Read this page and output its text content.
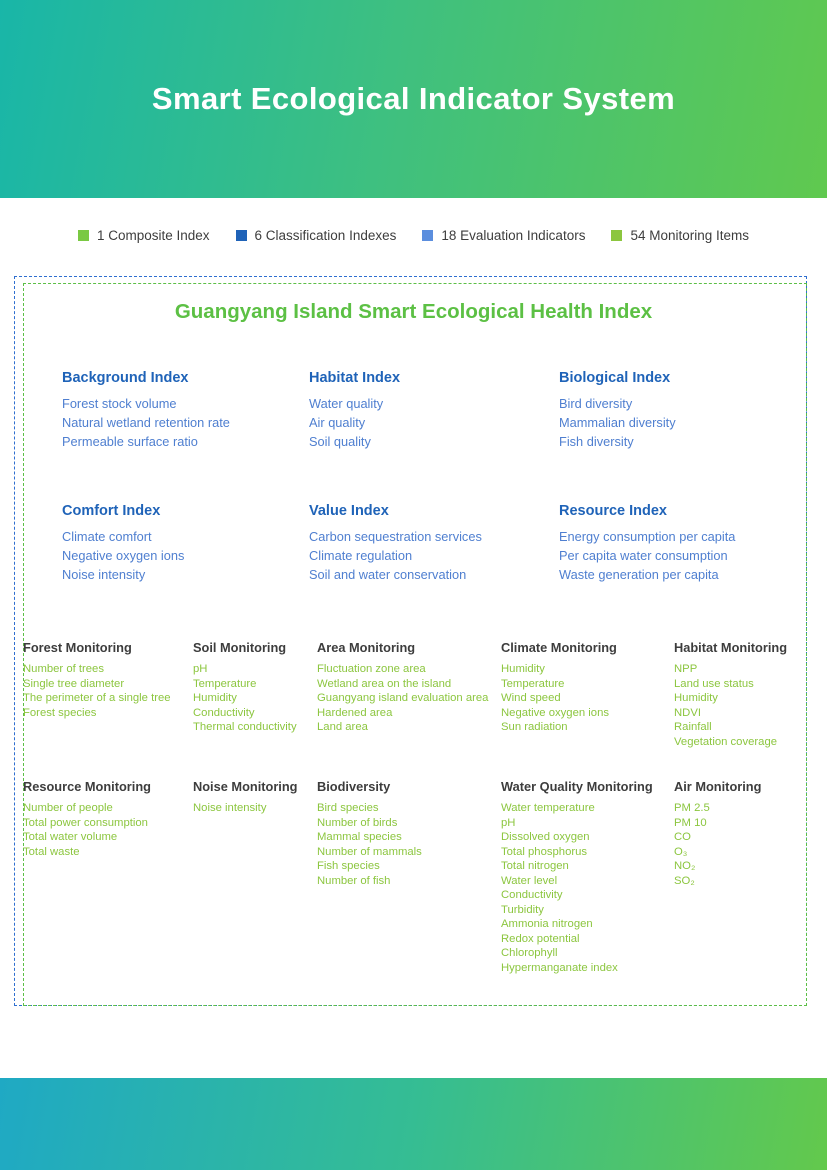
Smart Ecological Indicator System
1 Composite Index	6 Classification Indexes	18 Evaluation Indicators	54 Monitoring Items
Guangyang Island Smart Ecological Health Index
Background Index
Forest stock volume
Natural wetland retention rate
Permeable surface ratio
Habitat Index
Water quality
Air quality
Soil quality
Biological Index
Bird diversity
Mammalian diversity
Fish diversity
Comfort Index
Climate comfort
Negative oxygen ions
Noise intensity
Value Index
Carbon sequestration services
Climate regulation
Soil and water conservation
Resource Index
Energy consumption per capita
Per capita water consumption
Waste generation per capita
Forest Monitoring
Number of trees
Single tree diameter
The perimeter of a single tree
Forest species
Soil Monitoring
pH
Temperature
Humidity
Conductivity
Thermal conductivity
Area Monitoring
Fluctuation zone area
Wetland area on the island
Guangyang island evaluation area
Hardened area
Land area
Climate Monitoring
Humidity
Temperature
Wind speed
Negative oxygen ions
Sun radiation
Habitat Monitoring
NPP
Land use status
Humidity
NDVI
Rainfall
Vegetation coverage
Resource Monitoring
Number of people
Total power consumption
Total water volume
Total waste
Noise Monitoring
Noise intensity
Biodiversity
Bird species
Number of birds
Mammal species
Number of mammals
Fish species
Number of fish
Water Quality Monitoring
Water temperature
pH
Dissolved oxygen
Total phosphorus
Total nitrogen
Water level
Conductivity
Turbidity
Ammonia nitrogen
Redox potential
Chlorophyll
Hypermanganate index
Air Monitoring
PM 2.5
PM 10
CO
O₃
NO₂
SO₂
